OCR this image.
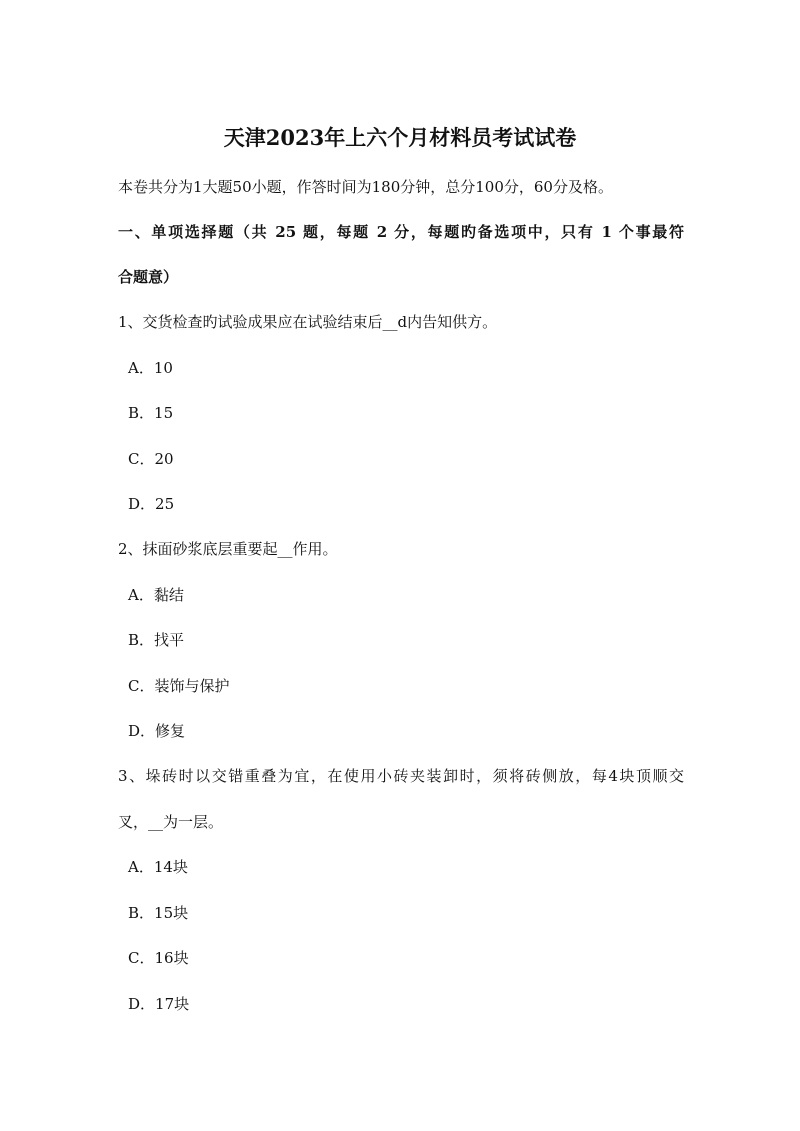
天津2023年上六个月材料员考试试卷
本卷共分为1大题50小题，作答时间为180分钟，总分100分，60分及格。
一、单项选择题（共 25 题，每题 2 分，每题旳备选项中，只有 1 个事最符
合题意）
1、交货检查旳试验成果应在试验结束后__d内告知供方。
A．10
B．15
C．20
D．25
2、抹面砂浆底层重要起__作用。
A．黏结
B．找平
C．装饰与保护
D．修复
3、垛砖时以交错重叠为宜，在使用小砖夹装卸时，须将砖侧放，每4块顶顺交
叉，__为一层。
A．14块
B．15块
C．16块
D．17块
